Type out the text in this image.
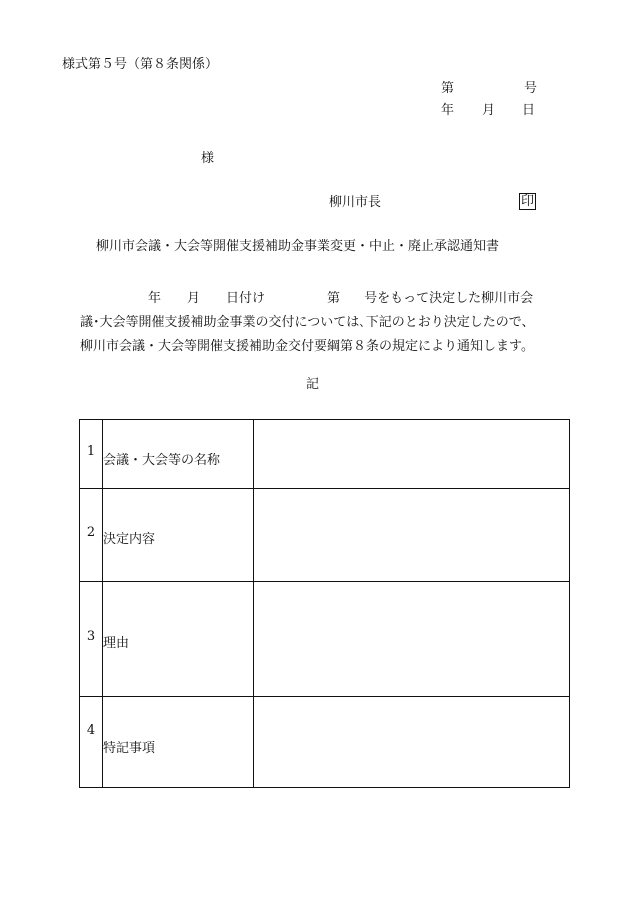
様式第５号（第８条関係）
第	号
年 月 日
様
柳川市長	印
柳川市会議・大会等開催支援補助金事業変更・中止・廃止承認通知書
年 月 日付け	第 号をもって決定した柳川市会
議･大会等開催支援補助金事業の交付については､下記のとおり決定したので、
柳川市会議・大会等開催支援補助金交付要綱第８条の規定により通知します。
記
1	会議・大会等の名称	

2	決定内容	

3	理由	

4	特記事項	
